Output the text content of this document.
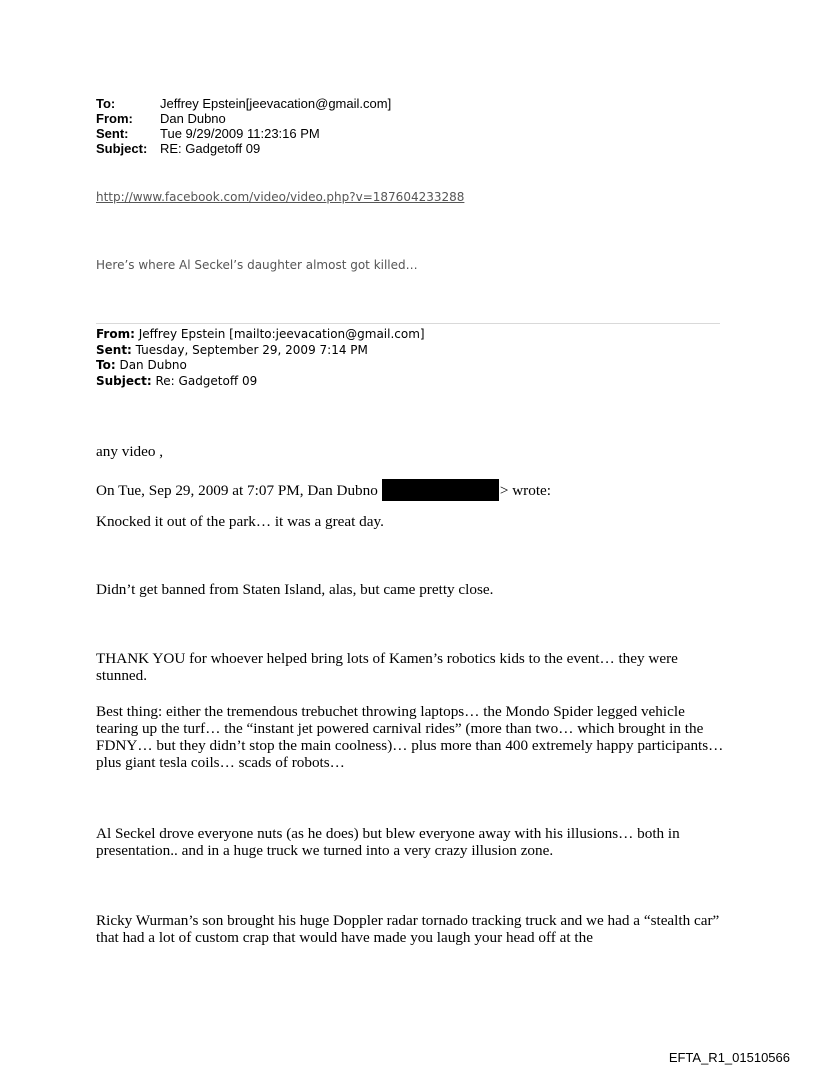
To:	Jeffrey Epstein[jeevacation@gmail.com]
From:	Dan Dubno
Sent:	Tue 9/29/2009 11:23:16 PM
Subject: RE: Gadgetoff 09
http://www.facebook.com/video/video.php?v=187604233288
Here’s where Al Seckel’s daughter almost got killed…
From: Jeffrey Epstein [mailto:jeevacation@gmail.com]
Sent: Tuesday, September 29, 2009 7:14 PM
To: Dan Dubno
Subject: Re: Gadgetoff 09

any video ,

On Tue, Sep 29, 2009 at 7:07 PM, Dan Dubno	> wrote:

Knocked it out of the park… it was a great day.

Didn’t get banned from Staten Island, alas, but came pretty close.

THANK YOU for whoever helped bring lots of Kamen’s robotics kids to the event… they were stunned.

Best thing: either the tremendous trebuchet throwing laptops… the Mondo Spider legged vehicle tearing up the turf… the “instant jet powered carnival rides” (more than two… which brought in the FDNY… but they didn’t stop the main coolness)… plus more than 400 extremely happy participants… plus giant tesla coils… scads of robots…

Al Seckel drove everyone nuts (as he does) but blew everyone away with his illusions… both in presentation.. and in a huge truck we turned into a very crazy illusion zone.

Ricky Wurman’s son brought his huge Doppler radar tornado tracking truck and we had a “stealth car” that had a lot of custom crap that would have made you laugh your head off at the

EFTA_R1_01510566
